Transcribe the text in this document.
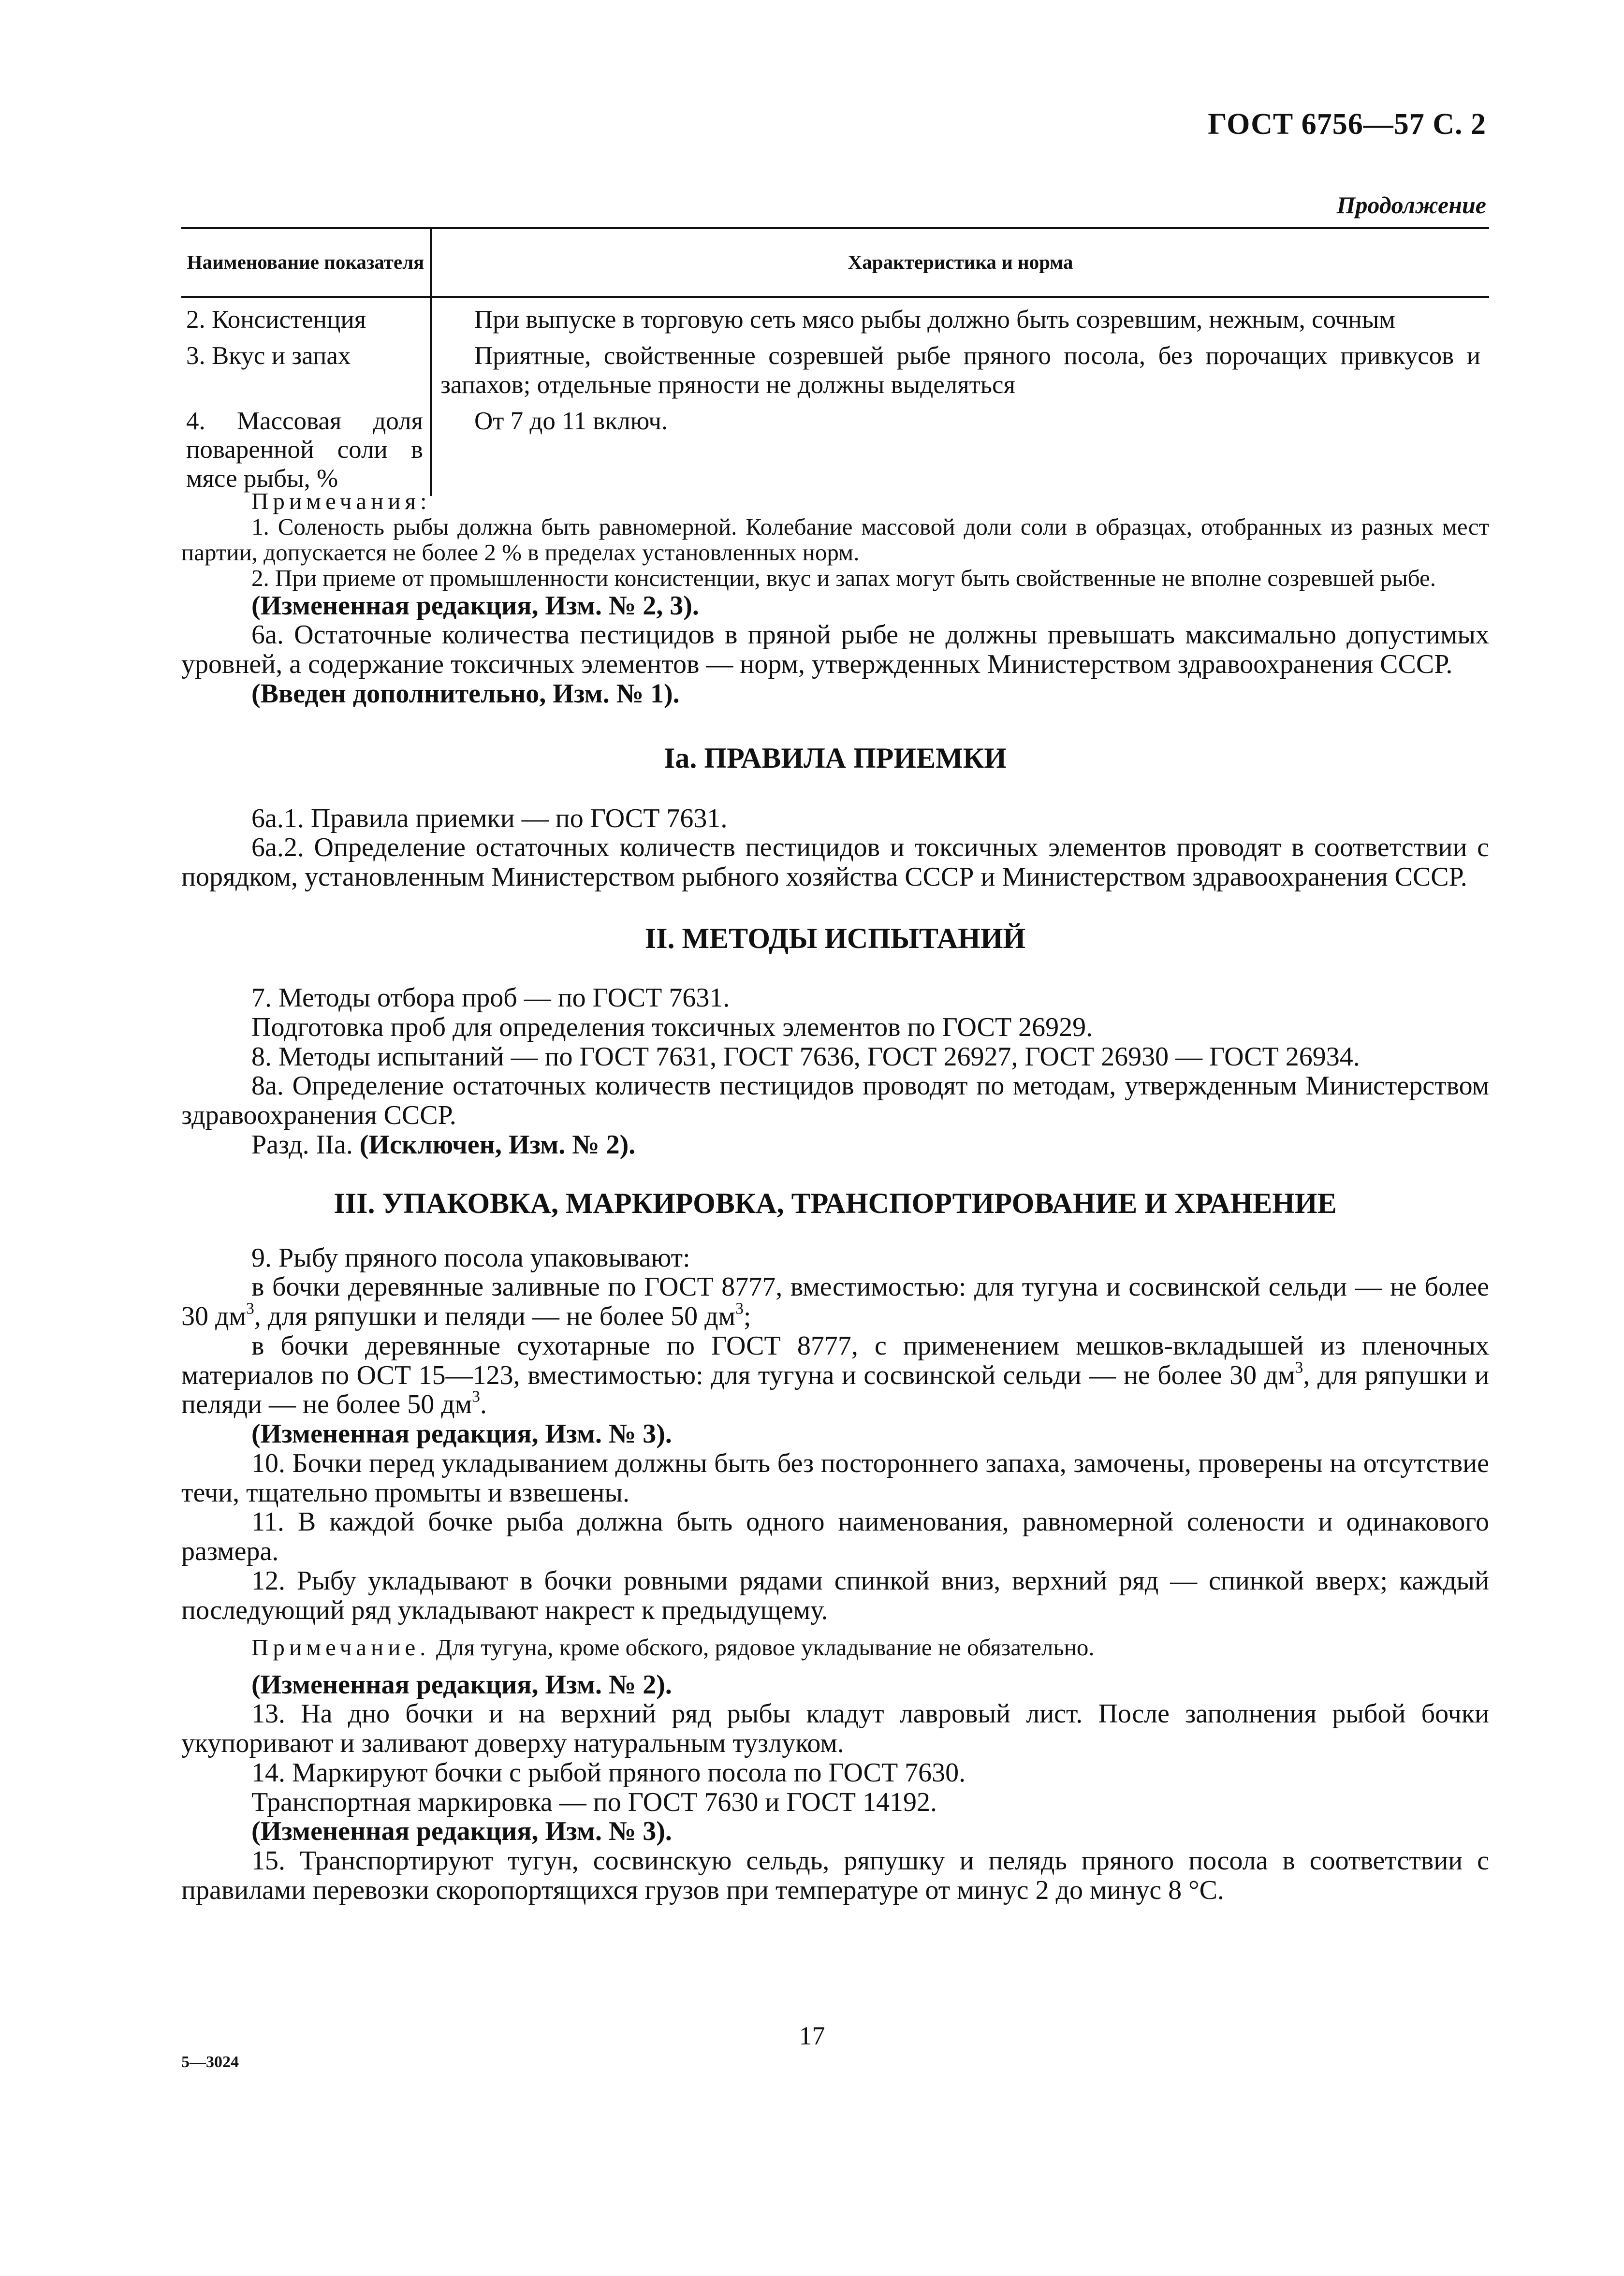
ГОСТ 6756—57 С. 2
Продолжение
Наименование показателя	Характеристика и норма
2. Консистенция	При выпуске в торговую сеть мясо рыбы должно быть созревшим, нежным, сочным
3. Вкус и запах	Приятные, свойственные созревшей рыбе пряного посола, без порочащих привкусов и запахов; отдельные пряности не должны выделяться
4. Массовая доля поваренной соли в мясе рыбы, %	От 7 до 11 включ.

Примечания:

1. Соленость рыбы должна быть равномерной. Колебание массовой доли соли в образцах, отобранных из разных мест партии, допускается не более 2 % в пределах установленных норм.

2. При приеме от промышленности консистенции, вкус и запах могут быть свойственные не вполне созревшей рыбе.

(Измененная редакция, Изм. № 2, 3).

6а. Остаточные количества пестицидов в пряной рыбе не должны превышать максимально допустимых уровней, а содержание токсичных элементов — норм, утвержденных Министерством здравоохранения СССР.

(Введен дополнительно, Изм. № 1).

Iа. ПРАВИЛА ПРИЕМКИ

6а.1. Правила приемки — по ГОСТ 7631.

6а.2. Определение остаточных количеств пестицидов и токсичных элементов проводят в соответствии с порядком, установленным Министерством рыбного хозяйства СССР и Министерством здравоохранения СССР.

II. МЕТОДЫ ИСПЫТАНИЙ

7. Методы отбора проб — по ГОСТ 7631.

Подготовка проб для определения токсичных элементов по ГОСТ 26929.

8. Методы испытаний — по ГОСТ 7631, ГОСТ 7636, ГОСТ 26927, ГОСТ 26930 — ГОСТ 26934.

8а. Определение остаточных количеств пестицидов проводят по методам, утвержденным Министерством здравоохранения СССР.

Разд. IIа. (Исключен, Изм. № 2).

III. УПАКОВКА, МАРКИРОВКА, ТРАНСПОРТИРОВАНИЕ И ХРАНЕНИЕ

9. Рыбу пряного посола упаковывают:

в бочки деревянные заливные по ГОСТ 8777, вместимостью: для тугуна и сосвинской сельди — не более 30 $дм^3$, для ряпушки и пеляди — не более 50 $дм^3$;

в бочки деревянные сухотарные по ГОСТ 8777, с применением мешков-вкладышей из пленочных материалов по ОСТ 15—123, вместимостью: для тугуна и сосвинской сельди — не более 30 $дм^3$, для ряпушки и пеляди — не более 50 $дм^3$.

(Измененная редакция, Изм. № 3).

10. Бочки перед укладыванием должны быть без постороннего запаха, замочены, проверены на отсутствие течи, тщательно промыты и взвешены.

11. В каждой бочке рыба должна быть одного наименования, равномерной солености и одинакового размера.

12. Рыбу укладывают в бочки ровными рядами спинкой вниз, верхний ряд — спинкой вверх; каждый последующий ряд укладывают накрест к предыдущему.

Примечание. Для тугуна, кроме обского, рядовое укладывание не обязательно.

(Измененная редакция, Изм. № 2).

13. На дно бочки и на верхний ряд рыбы кладут лавровый лист. После заполнения рыбой бочки укупоривают и заливают доверху натуральным тузлуком.

14. Маркируют бочки с рыбой пряного посола по ГОСТ 7630.

Транспортная маркировка — по ГОСТ 7630 и ГОСТ 14192.

(Измененная редакция, Изм. № 3).

15. Транспортируют тугун, сосвинскую сельдь, ряпушку и пелядь пряного посола в соответствии с правилами перевозки скоропортящихся грузов при температуре от минус 2 до минус 8 °С.

17
5—3024
